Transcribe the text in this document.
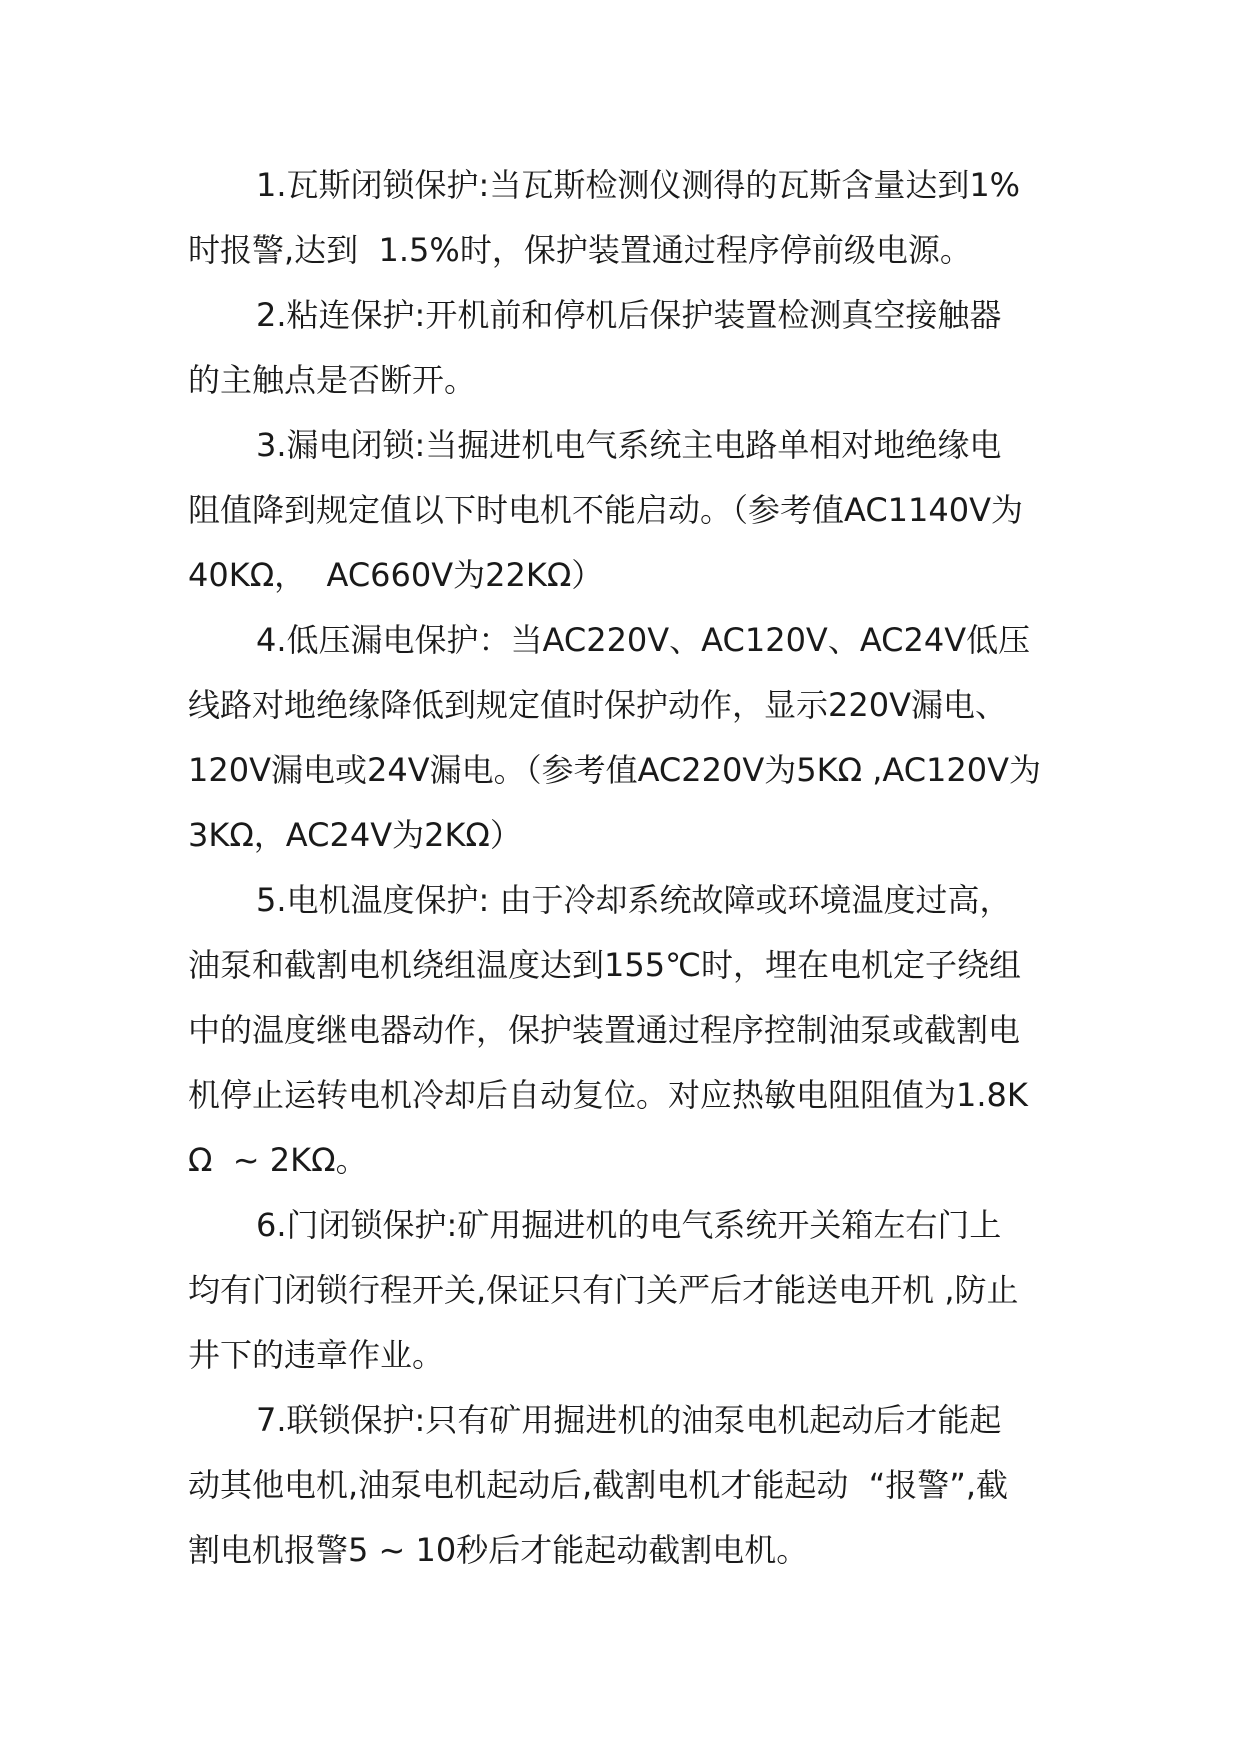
1.瓦斯闭锁保护:当瓦斯检测仪测得的瓦斯含量达到1%
时报警,达到  1.5%时，保护装置通过程序停前级电源。
2.粘连保护:开机前和停机后保护装置检测真空接触器
的主触点是否断开。
3.漏电闭锁:当掘进机电气系统主电路单相对地绝缘电
阻值降到规定值以下时电机不能启动。（参考值AC1140V为
40KΩ，  AC660V为22KΩ）
4.低压漏电保护：当AC220V、AC120V、AC24V低压
线路对地绝缘降低到规定值时保护动作，显示220V漏电、
120V漏电或24V漏电。（参考值AC220V为5KΩ ,AC120V为
3KΩ，AC24V为2KΩ）
5.电机温度保护: 由于冷却系统故障或环境温度过高，
油泵和截割电机绕组温度达到155℃时，埋在电机定子绕组
中的温度继电器动作，保护装置通过程序控制油泵或截割电
机停止运转电机冷却后自动复位。对应热敏电阻阻值为1.8K
Ω  ~ 2KΩ。
6.门闭锁保护:矿用掘进机的电气系统开关箱左右门上
均有门闭锁行程开关,保证只有门关严后才能送电开机 ,防止
井下的违章作业。
7.联锁保护:只有矿用掘进机的油泵电机起动后才能起
动其他电机,油泵电机起动后,截割电机才能起动  “报警”,截
割电机报警5 ~ 10秒后才能起动截割电机。
